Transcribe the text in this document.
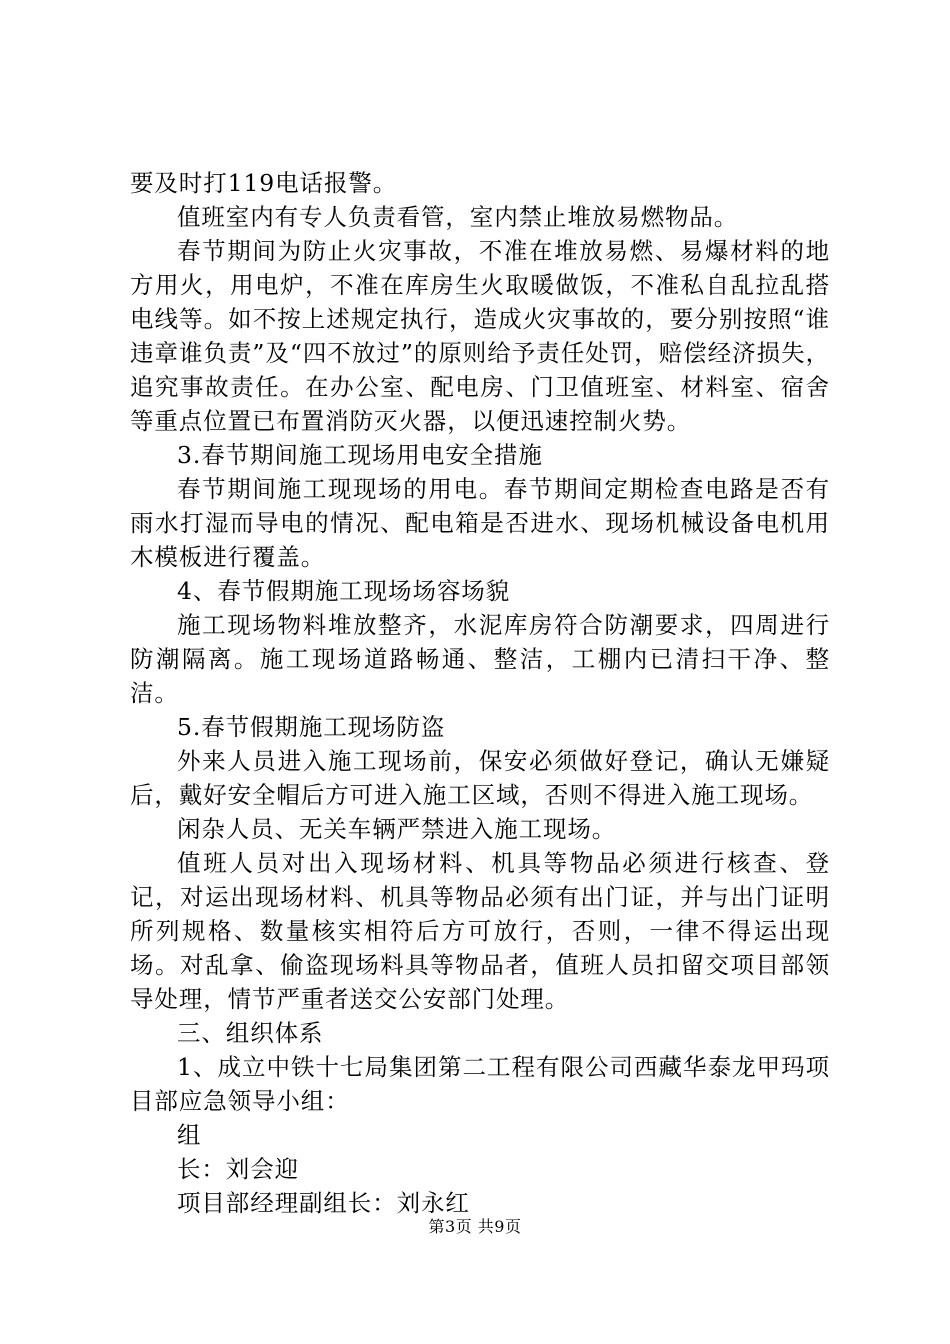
要及时打119电话报警。

值班室内有专人负责看管，室内禁止堆放易燃物品。

春节期间为防止火灾事故，不准在堆放易燃、易爆材料的地方用火，用电炉，不准在库房生火取暖做饭，不准私自乱拉乱搭电线等。如不按上述规定执行，造成火灾事故的，要分别按照“谁违章谁负责”及“四不放过”的原则给予责任处罚，赔偿经济损失，追究事故责任。在办公室、配电房、门卫值班室、材料室、宿舍等重点位置已布置消防灭火器，以便迅速控制火势。

3.春节期间施工现场用电安全措施

春节期间施工现现场的用电。春节期间定期检查电路是否有雨水打湿而导电的情况、配电箱是否进水、现场机械设备电机用木模板进行覆盖。

4、春节假期施工现场场容场貌

施工现场物料堆放整齐，水泥库房符合防潮要求，四周进行防潮隔离。施工现场道路畅通、整洁，工棚内已清扫干净、整洁。

5.春节假期施工现场防盗

外来人员进入施工现场前，保安必须做好登记，确认无嫌疑后，戴好安全帽后方可进入施工区域，否则不得进入施工现场。

闲杂人员、无关车辆严禁进入施工现场。

值班人员对出入现场材料、机具等物品必须进行核查、登记，对运出现场材料、机具等物品必须有出门证，并与出门证明所列规格、数量核实相符后方可放行，否则，一律不得运出现场。对乱拿、偷盗现场料具等物品者，值班人员扣留交项目部领导处理，情节严重者送交公安部门处理。

三、组织体系

1、成立中铁十七局集团第二工程有限公司西藏华泰龙甲玛项目部应急领导小组：

组

长：刘会迎

项目部经理副组长：刘永红

第3页 共9页
